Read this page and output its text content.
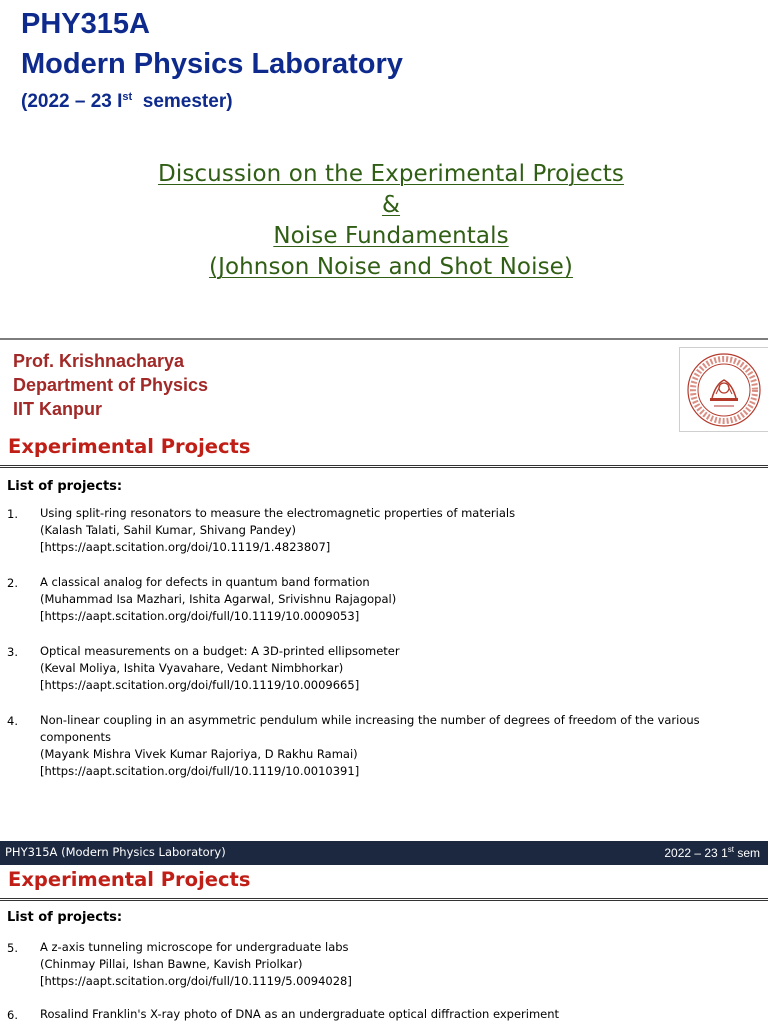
PHY315A
Modern Physics Laboratory
(2022 – 23 Ist  semester)
Discussion on the Experimental Projects
&
Noise Fundamentals
(Johnson Noise and Shot Noise)
Prof. Krishnacharya
Department of Physics
IIT Kanpur
Experimental Projects
List of projects:
1. Using split-ring resonators to measure the electromagnetic properties of materials
(Kalash Talati, Sahil Kumar, Shivang Pandey)
[https://aapt.scitation.org/doi/10.1119/1.4823807]
2. A classical analog for defects in quantum band formation
(Muhammad Isa Mazhari, Ishita Agarwal, Srivishnu Rajagopal)
[https://aapt.scitation.org/doi/full/10.1119/10.0009053]
3. Optical measurements on a budget: A 3D-printed ellipsometer
(Keval Moliya, Ishita Vyavahare, Vedant Nimbhorkar)
[https://aapt.scitation.org/doi/full/10.1119/10.0009665]
4. Non-linear coupling in an asymmetric pendulum while increasing the number of degrees of freedom of the various
components
(Mayank Mishra Vivek Kumar Rajoriya, D Rakhu Ramai)
[https://aapt.scitation.org/doi/full/10.1119/10.0010391]
PHY315A (Modern Physics Laboratory)	2022 – 23 1st sem
Experimental Projects
List of projects:
5. A z-axis tunneling microscope for undergraduate labs
(Chinmay Pillai, Ishan Bawne, Kavish Priolkar)
[https://aapt.scitation.org/doi/full/10.1119/5.0094028]
6. Rosalind Franklin's X-ray photo of DNA as an undergraduate optical diffraction experiment
